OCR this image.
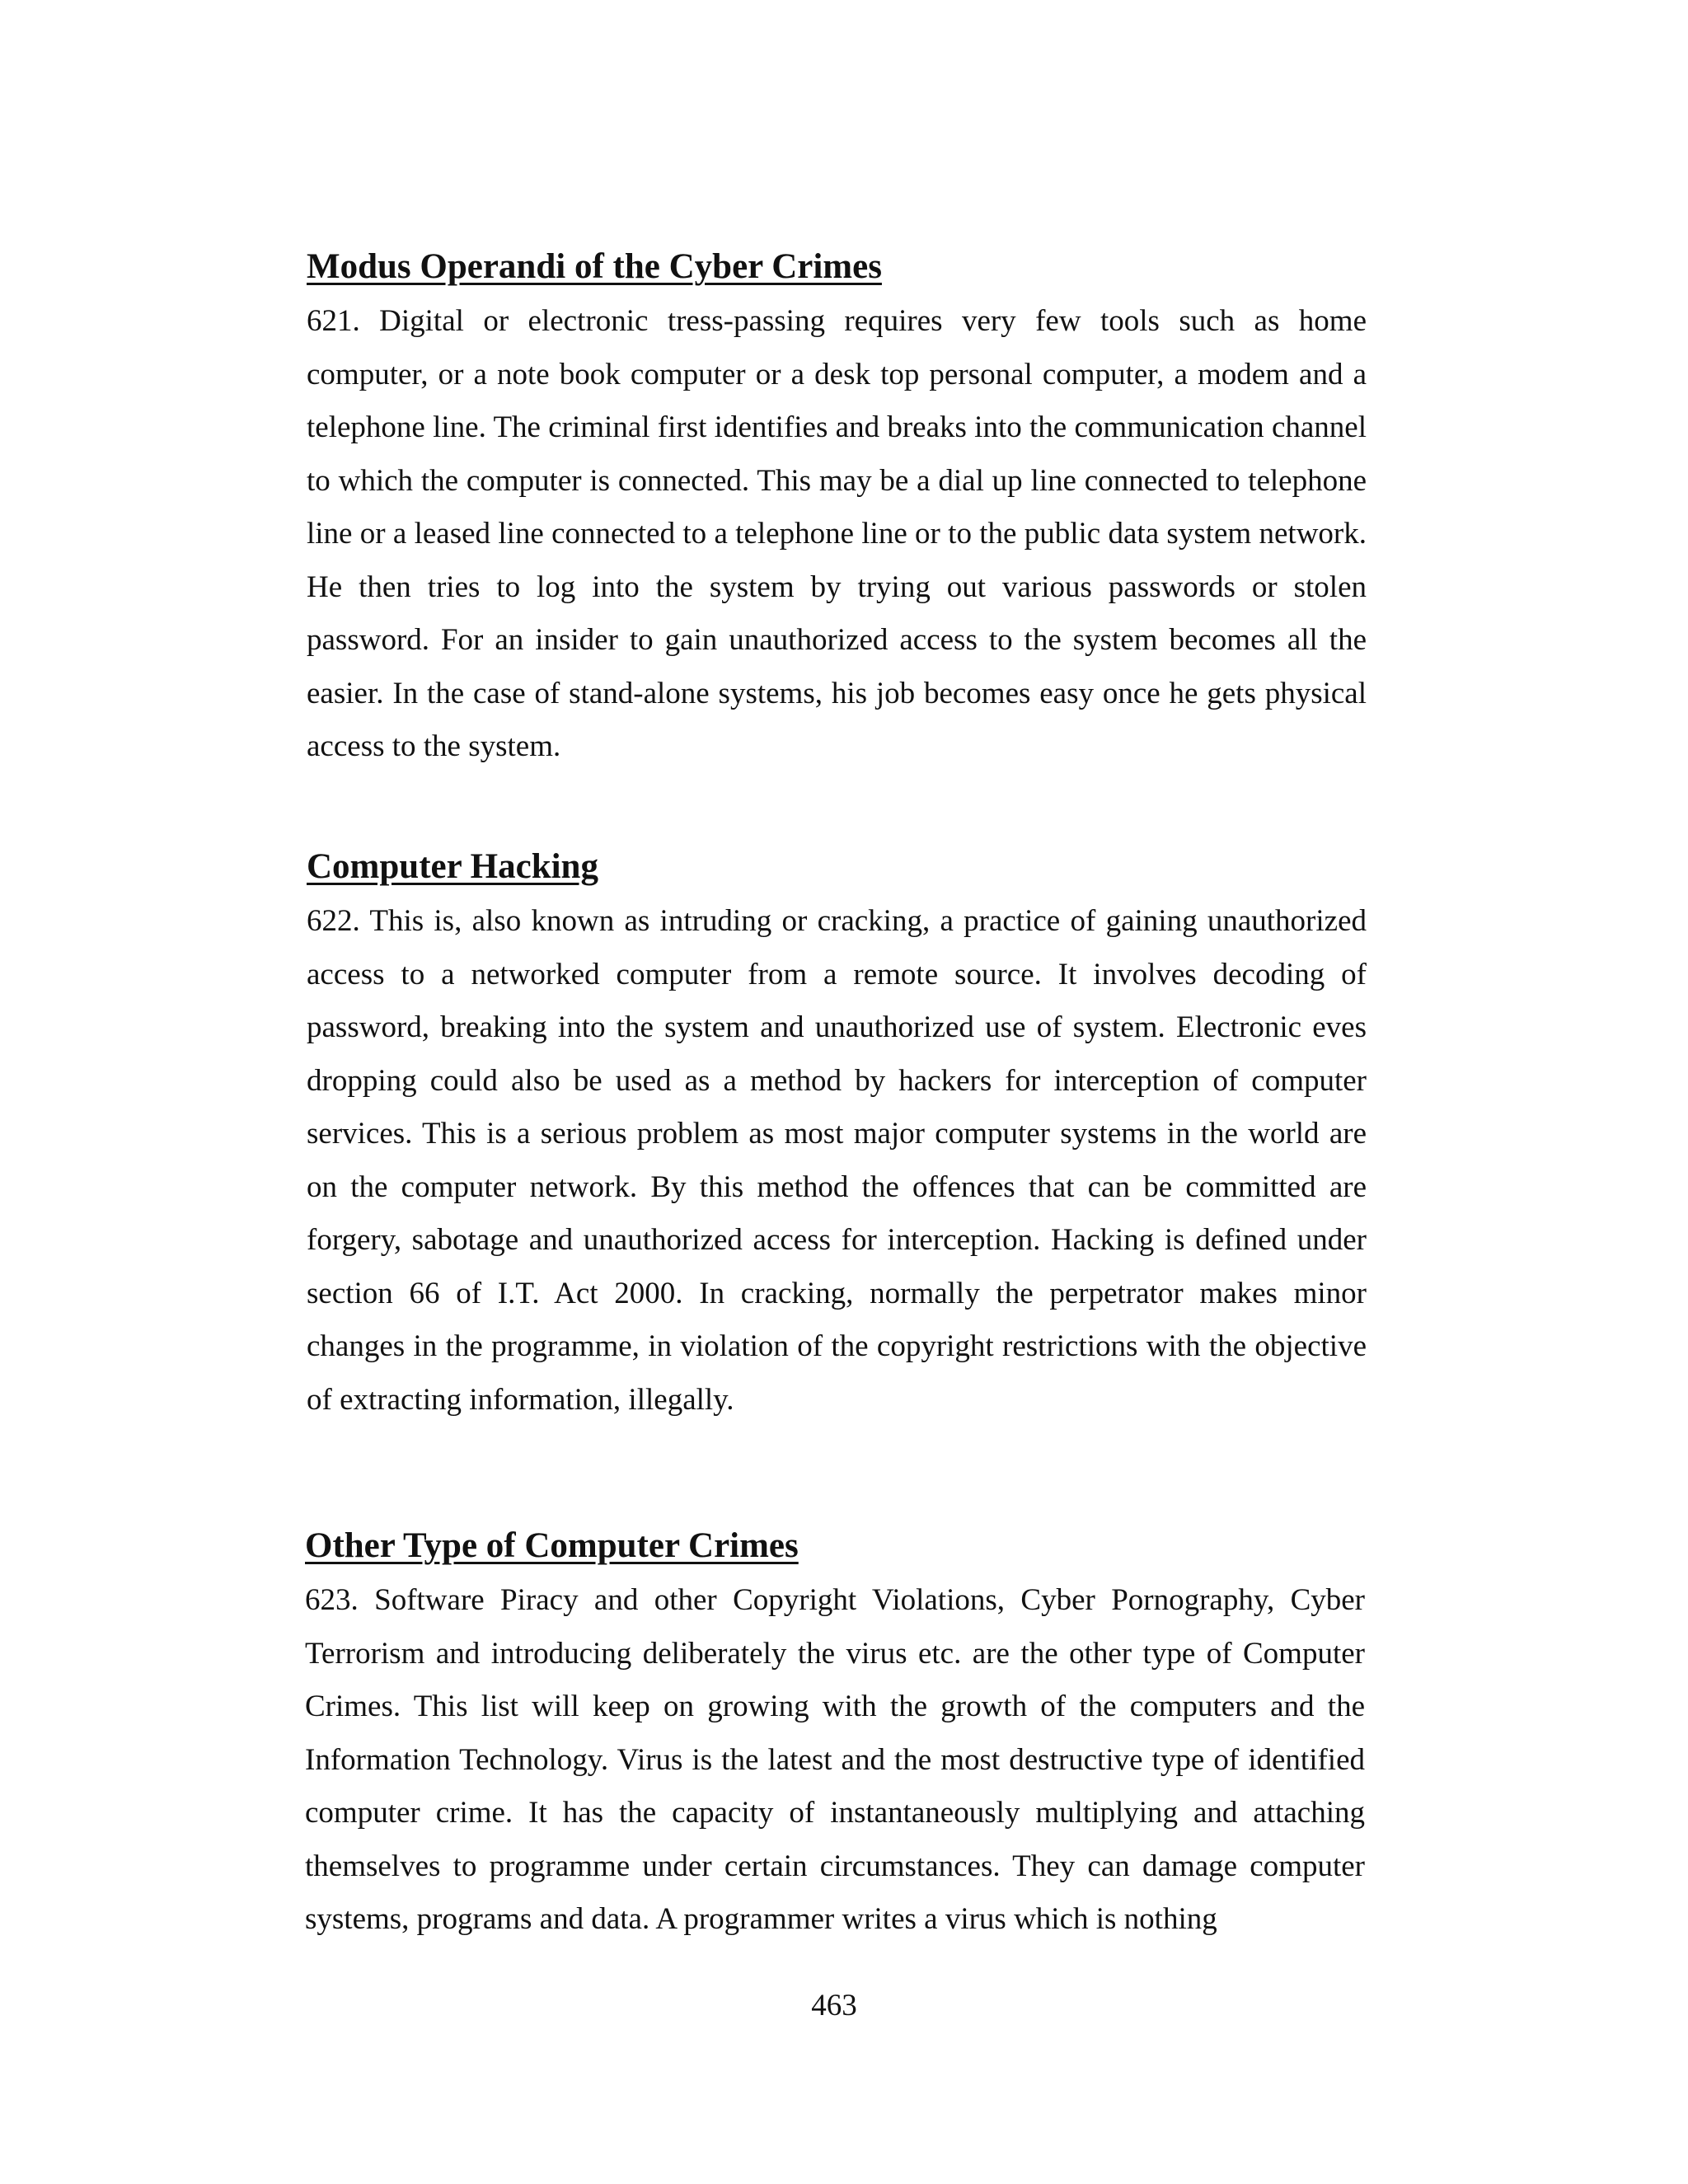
Modus Operandi of the Cyber Crimes

621. Digital or electronic tress-passing requires very few tools such as home computer, or a note book computer or a desk top personal computer, a modem and a telephone line. The criminal first identifies and breaks into the communication channel to which the computer is connected. This may be a dial up line connected to telephone line or a leased line connected to a telephone line or to the public data system network. He then tries to log into the system by trying out various passwords or stolen password. For an insider to gain unauthorized access to the system becomes all the easier. In the case of stand-alone systems, his job becomes easy once he gets physical access to the system.

Computer Hacking

622. This is, also known as intruding or cracking, a practice of gaining unauthorized access to a networked computer from a remote source. It involves decoding of password, breaking into the system and unauthorized use of system. Electronic eves dropping could also be used as a method by hackers for interception of computer services. This is a serious problem as most major computer systems in the world are on the computer network. By this method the offences that can be committed are forgery, sabotage and unauthorized access for interception. Hacking is defined under section 66 of I.T. Act 2000. In cracking, normally the perpetrator makes minor changes in the programme, in violation of the copyright restrictions with the objective of extracting information, illegally.

Other Type of Computer Crimes

623. Software Piracy and other Copyright Violations, Cyber Pornography, Cyber Terrorism and introducing deliberately the virus etc. are the other type of Computer Crimes. This list will keep on growing with the growth of the computers and the Information Technology. Virus is the latest and the most destructive type of identified computer crime. It has the capacity of instantaneously multiplying and attaching themselves to programme under certain circumstances. They can damage computer systems, programs and data. A programmer writes a virus which is nothing

463
